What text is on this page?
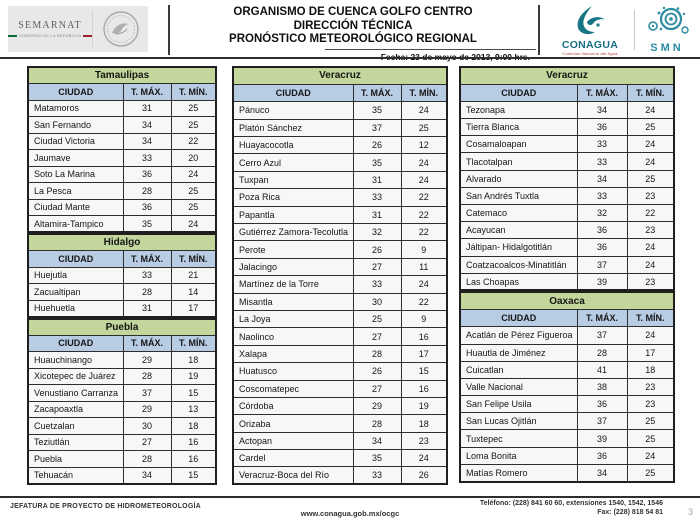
SEMARNAT
GOBIERNO DE LA REPÚBLICA
ORGANISMO DE CUENCA GOLFO CENTRO
DIRECCIÓN TÉCNICA
PRONÓSTICO METEOROLÓGICO REGIONAL	CONAGUA
Comisión Nacional del Agua	SMN
Tamaulipas		
CIUDAD	T. MÁX.	T. MÍN.
Matamoros	31	25
San Fernando	34	25
Ciudad Victoria	34	22
Jaumave	33	20
Soto La Marina	36	24
La Pesca	28	25
Ciudad Mante	36	25
Altamira-Tampico	35	24
Hidalgo		
CIUDAD	T. MÁX.	T. MÍN.
Huejutla	33	21
Zacualtipan	28	14
Huehuetla	31	17
Puebla		
CIUDAD	T. MÁX.	T. MÍN.
Huauchinango	29	18
Xicotepec de Juárez	28	19
Venustiano Carranza	37	15
Zacapoaxtla	29	13
Cuetzalan	30	18
Teziutlán	27	16
Puebla	28	16
Tehuacán	34	15
Veracruz		
CIUDAD	T. MÁX.	T. MÍN.
Pánuco	35	24
Platón Sánchez	37	25
Huayacocotla	26	12
Cerro Azul	35	24
Tuxpan	31	24
Poza Rica	33	22
Papantla	31	22
Gutiérrez Zamora-Tecolutla	32	22
Perote	26	9
Jalacingo	27	11
Martínez de la Torre	33	24
Misantla	30	22
La Joya	25	9
Naolinco	27	16
Xalapa	28	17
Huatusco	26	15
Coscomatepec	27	16
Córdoba	29	19
Orizaba	28	18
Actopan	34	23
Cardel	35	24
Veracruz-Boca del Río	33	26
Veracruz		
CIUDAD	T. MÁX.	T. MÍN.
Tezonapa	34	24
Tierra Blanca	36	25
Cosamaloapan	33	24
Tlacotalpan	33	24
Alvarado	34	25
San Andrés Tuxtla	33	23
Catemaco	32	22
Acayucan	36	23
Jáltipan- Hidalgotitlán	36	24
Coatzacoalcos-Minatitlán	37	24
Las Choapas	39	23
Oaxaca		
CIUDAD	T. MÁX.	T. MÍN.
Acatlán de Pérez Figueroa	37	24
Huautla de Jiménez	28	17
Cuicatlan	41	18
Valle Nacional	38	23
San Felipe Usila	36	23
San Lucas Ojitlán	37	25
Tuxtepec	39	25
Loma Bonita	36	24
Matías Romero	34	25
JEFATURA DE PROYECTO DE HIDROMETEOROLOGÍA
www.conagua.gob.mx/ocgc
Teléfono: (228) 841 60 60, extensiones 1540, 1542, 1546
Fax: (228) 818 54 81	3
